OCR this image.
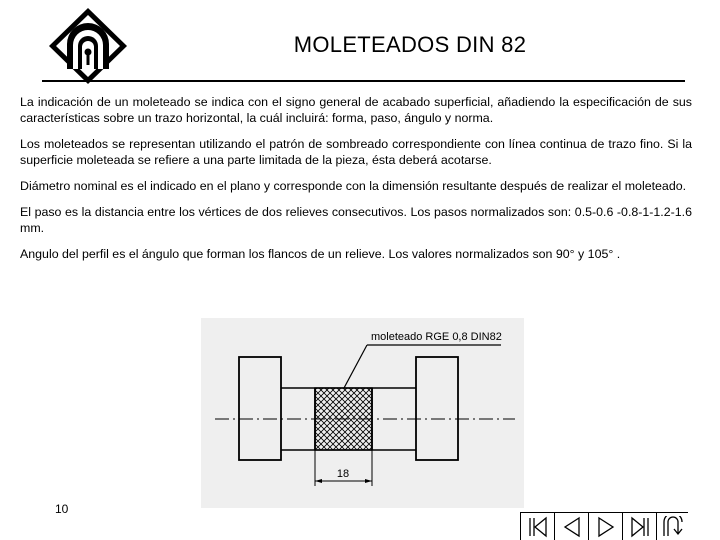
MOLETEADOS DIN 82

La indicación de un moleteado se indica con el signo general de acabado superficial, añadiendo la especificación de sus características sobre un trazo horizontal, la cuál incluirá: forma, paso, ángulo y norma.

Los moleteados se representan utilizando el patrón de sombreado correspondiente con línea continua de trazo fino. Si la superficie moleteada se refiere a una parte limitada de la pieza, ésta deberá acotarse.

Diámetro nominal es el indicado en el plano y corresponde con la dimensión resultante después de realizar el moleteado.

El paso es la distancia entre los vértices de dos relieves consecutivos. Los pasos normalizados son: 0.5-0.6 -0.8-1-1.2-1.6 mm.

Angulo del perfil es el ángulo que forman los flancos de un relieve. Los valores normalizados son 90° y 105° .

moleteado RGE 0,8 DIN82
18
10
